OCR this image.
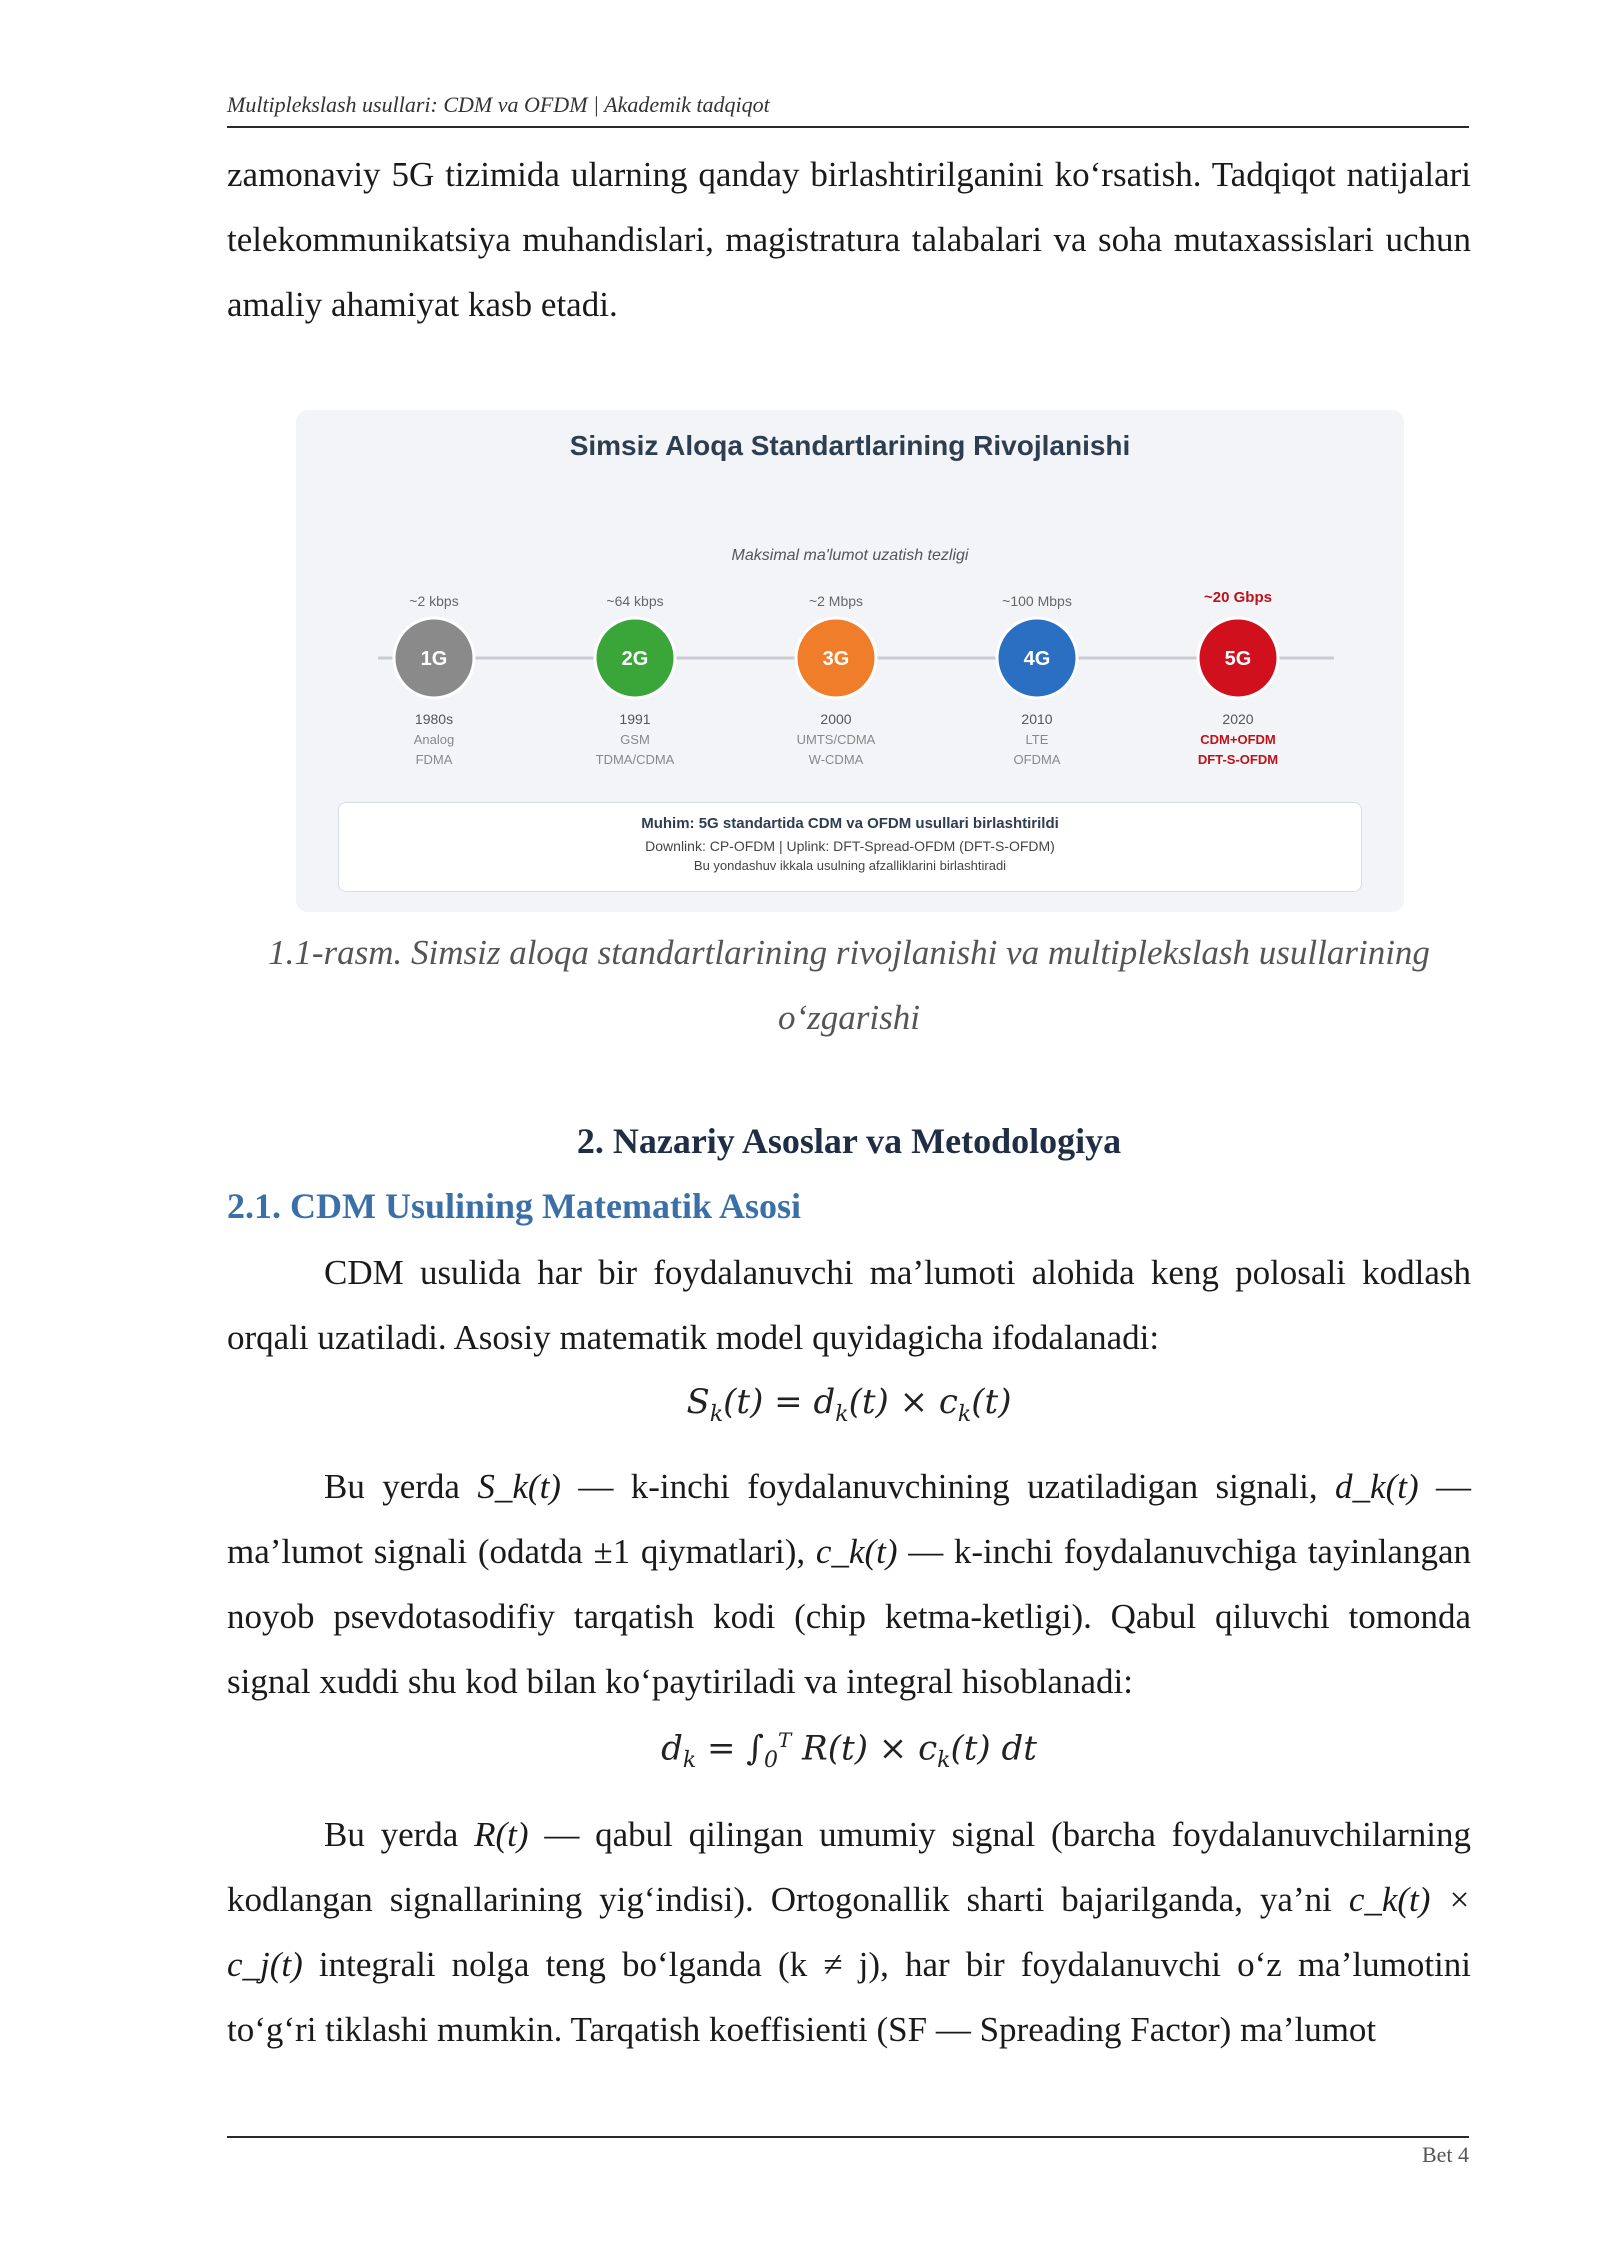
Multiplekslash usullari: CDM va OFDM | Akademik tadqiqot

zamonaviy 5G tizimida ularning qanday birlashtirilganini ko‘rsatish. Tadqiqot natijalari telekommunikatsiya muhandislari, magistratura talabalari va soha mutaxassislari uchun amaliy ahamiyat kasb etadi.

Simsiz Aloqa Standartlarining Rivojlanishi
Maksimal ma'lumot uzatish tezligi
~2 kbps
1G
1980s
Analog
FDMA
~64 kbps
2G
1991
GSM
TDMA/CDMA
~2 Mbps
3G
2000
UMTS/CDMA
W-CDMA
~100 Mbps
4G
2010
LTE
OFDMA
~20 Gbps
5G
2020
CDM+OFDM
DFT-S-OFDM
Muhim: 5G standartida CDM va OFDM usullari birlashtirildi
Downlink: CP-OFDM | Uplink: DFT-Spread-OFDM (DFT-S-OFDM)
Bu yondashuv ikkala usulning afzalliklarini birlashtiradi
1.1-rasm. Simsiz aloqa standartlarining rivojlanishi va multiplekslash usullarining o‘zgarishi
2. Nazariy Asoslar va Metodologiya
2.1. CDM Usulining Matematik Asosi

CDM usulida har bir foydalanuvchi ma’lumoti alohida keng polosali kodlash orqali uzatiladi. Asosiy matematik model quyidagicha ifodalanadi:

$S_k(t) = d_k(t) \times c_k(t)$

Bu yerda S_k(t) — k-inchi foydalanuvchining uzatiladigan signali, d_k(t) — ma’lumot signali (odatda ±1 qiymatlari), c_k(t) — k-inchi foydalanuvchiga tayinlangan noyob psevdotasodifiy tarqatish kodi (chip ketma-ketligi). Qabul qiluvchi tomonda signal xuddi shu kod bilan ko‘paytiriladi va integral hisoblanadi:

$d_k = \int_0^T$ $R(t) \times c_k(t)$ dt

Bu yerda R(t) — qabul qilingan umumiy signal (barcha foydalanuvchilarning kodlangan signallarining yig‘indisi). Ortogonallik sharti bajarilganda, ya’ni c_k(t) × c_j(t) integrali nolga teng bo‘lganda (k ≠ j), har bir foydalanuvchi o‘z ma’lumotini to‘g‘ri tiklashi mumkin. Tarqatish koeffisienti (SF — Spreading Factor) ma’lumot

Bet 4
